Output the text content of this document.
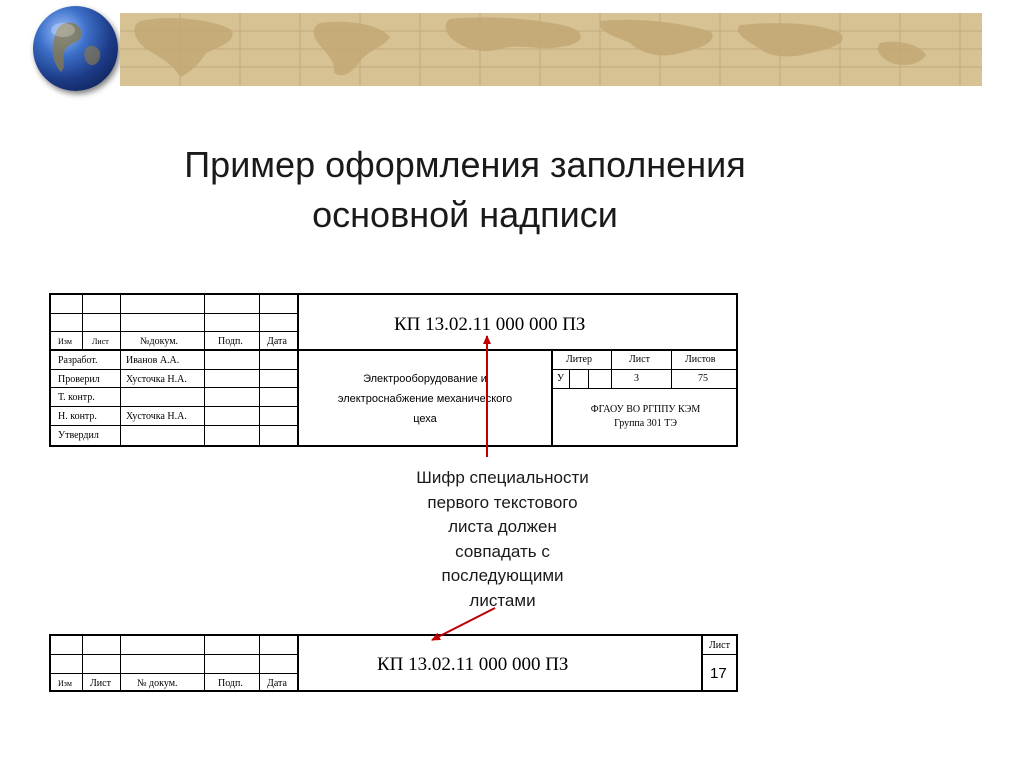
Пример оформления заполнения
основной надписи
Изм	Лист	№докум.	Подп. Дата
КП 13.02.11 000 000 ПЗ
Разработ.	Иванов А.А.
Проверил	Хусточка Н.А.
Т. контр.
Н. контр.	Хусточка Н.А.
Утвердил
Электрооборудование и
электроснабжение механического
цеха
Литер	Лист	Листов
У	3	75
ФГАОУ ВО РГППУ КЭМ
Группа 301 ТЭ
Шифр специальности
первого текстового
листа должен
совпадать с
последующими
листами
Изм Лист	№ докум.	Подп. Дата
КП 13.02.11 000 000 ПЗ
Лист
17
